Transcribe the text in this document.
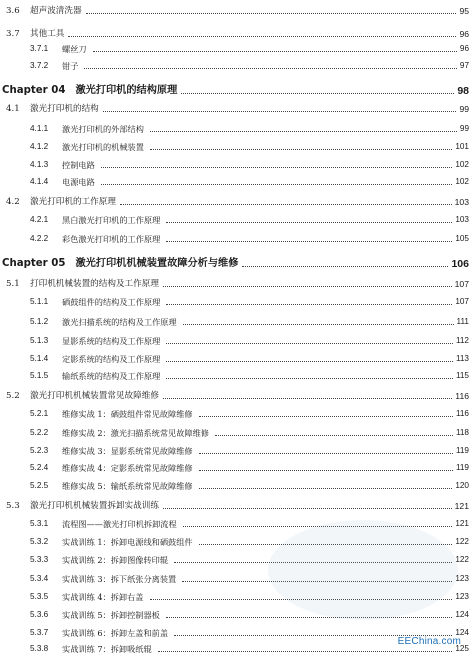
3.6	超声波清洗器	95
3.7	其他工具	96
3.7.1	螺丝刀	96
3.7.2	钳子	97
Chapter 04 激光打印机的结构原理	98
4.1	激光打印机的结构	99
4.1.1	激光打印机的外部结构	99
4.1.2	激光打印机的机械装置	101
4.1.3	控制电路	102
4.1.4	电源电路	102
4.2	激光打印机的工作原理	103
4.2.1	黑白激光打印机的工作原理	103
4.2.2	彩色激光打印机的工作原理	105
Chapter 05 激光打印机机械装置故障分析与维修	106
5.1	打印机机械装置的结构及工作原理	107
5.1.1	硒鼓组件的结构及工作原理	107
5.1.2	激光扫描系统的结构及工作原理	111
5.1.3	显影系统的结构及工作原理	112
5.1.4	定影系统的结构及工作原理	113
5.1.5	输纸系统的结构及工作原理	115
5.2	激光打印机机械装置常见故障维修	116
5.2.1	维修实战 1：硒鼓组件常见故障维修	116
5.2.2	维修实战 2：激光扫描系统常见故障维修	118
5.2.3	维修实战 3：显影系统常见故障维修	119
5.2.4	维修实战 4：定影系统常见故障维修	119
5.2.5	维修实战 5：输纸系统常见故障维修	120
5.3	激光打印机机械装置拆卸实战训练	121
5.3.1	流程图——激光打印机拆卸流程	121
5.3.2	实战训练 1：拆卸电源线和硒鼓组件	122
5.3.3	实战训练 2：拆卸图像转印辊	122
5.3.4	实战训练 3：拆下纸张分离装置	123
5.3.5	实战训练 4：拆卸右盖	123
5.3.6	实战训练 5：拆卸控制器板	124
5.3.7	实战训练 6：拆卸左盖和前盖	124
5.3.8	实战训练 7：拆卸吸纸辊	125
EEChina.com
